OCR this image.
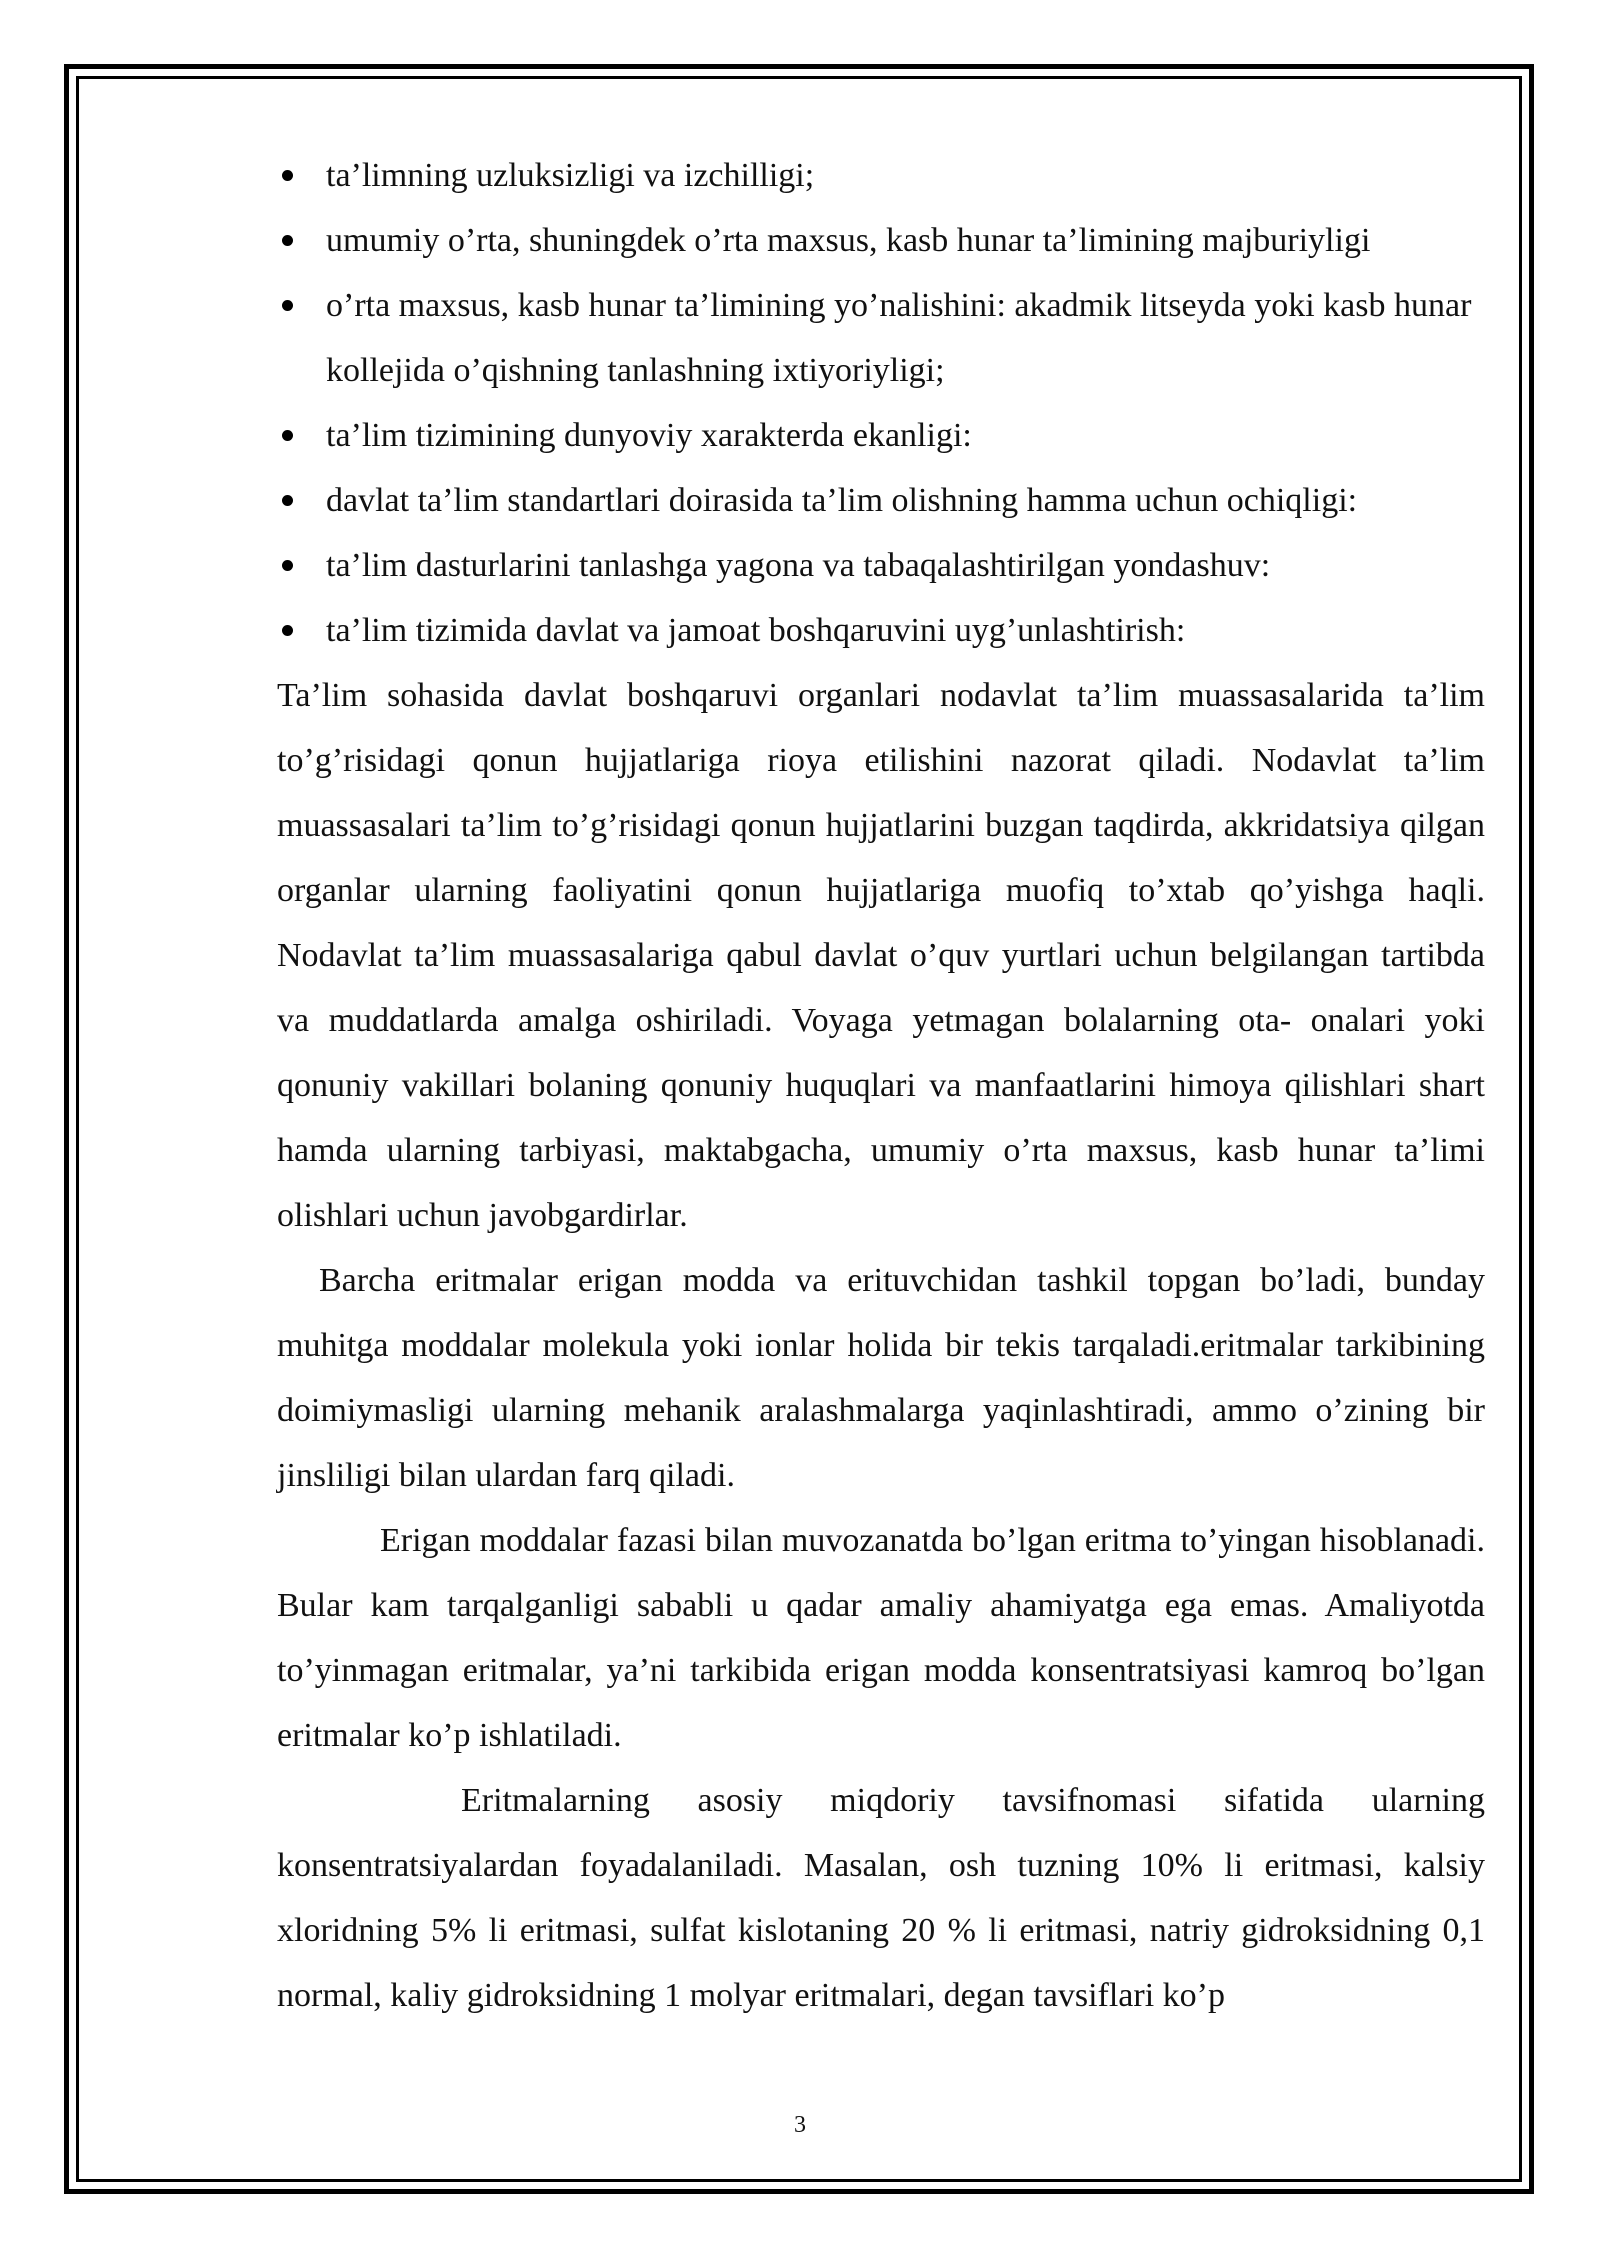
ta’limning uzluksizligi va izchilligi;
umumiy o’rta, shuningdek o’rta maxsus, kasb hunar ta’limining majburiyligi
o’rta maxsus, kasb hunar ta’limining yo’nalishini: akadmik litseyda yoki kasb hunar kollejida o’qishning tanlashning ixtiyoriyligi;
ta’lim tizimining dunyoviy xarakterda ekanligi:
davlat ta’lim standartlari doirasida ta’lim olishning hamma uchun ochiqligi:
ta’lim dasturlarini tanlashga yagona va tabaqalashtirilgan yondashuv:
ta’lim tizimida davlat va jamoat boshqaruvini uyg’unlashtirish:

Ta’lim sohasida davlat boshqaruvi organlari nodavlat ta’lim muassasalarida ta’lim to’g’risidagi qonun hujjatlariga rioya etilishini nazorat qiladi. Nodavlat ta’lim muassasalari ta’lim to’g’risidagi qonun hujjatlarini buzgan taqdirda, akkridatsiya qilgan organlar ularning faoliyatini qonun hujjatlariga muofiq to’xtab qo’yishga haqli. Nodavlat ta’lim muassasalariga qabul davlat o’quv yurtlari uchun belgilangan tartibda va muddatlarda amalga oshiriladi. Voyaga yetmagan bolalarning ota- onalari yoki qonuniy vakillari bolaning qonuniy huquqlari va manfaatlarini himoya qilishlari shart hamda ularning tarbiyasi, maktabgacha, umumiy o’rta maxsus, kasb hunar ta’limi olishlari uchun javobgardirlar.

Barcha eritmalar erigan modda va erituvchidan tashkil topgan bo’ladi, bunday muhitga moddalar molekula yoki ionlar holida bir tekis tarqaladi.eritmalar tarkibining doimiymasligi ularning mehanik aralashmalarga yaqinlashtiradi, ammo o’zining bir jinsliligi bilan ulardan farq qiladi.

Erigan moddalar fazasi bilan muvozanatda bo’lgan eritma to’yingan hisoblanadi. Bular kam tarqalganligi sababli u qadar amaliy ahamiyatga ega emas. Amaliyotda to’yinmagan eritmalar, ya’ni tarkibida erigan modda konsentratsiyasi kamroq bo’lgan eritmalar ko’p ishlatiladi.

Eritmalarning asosiy miqdoriy tavsifnomasi sifatida ularning konsentratsiyalardan foyadalaniladi. Masalan, osh tuzning 10% li eritmasi, kalsiy xloridning 5% li eritmasi, sulfat kislotaning 20 % li eritmasi, natriy gidroksidning 0,1 normal, kaliy gidroksidning 1 molyar eritmalari, degan tavsiflari ko’p

3
